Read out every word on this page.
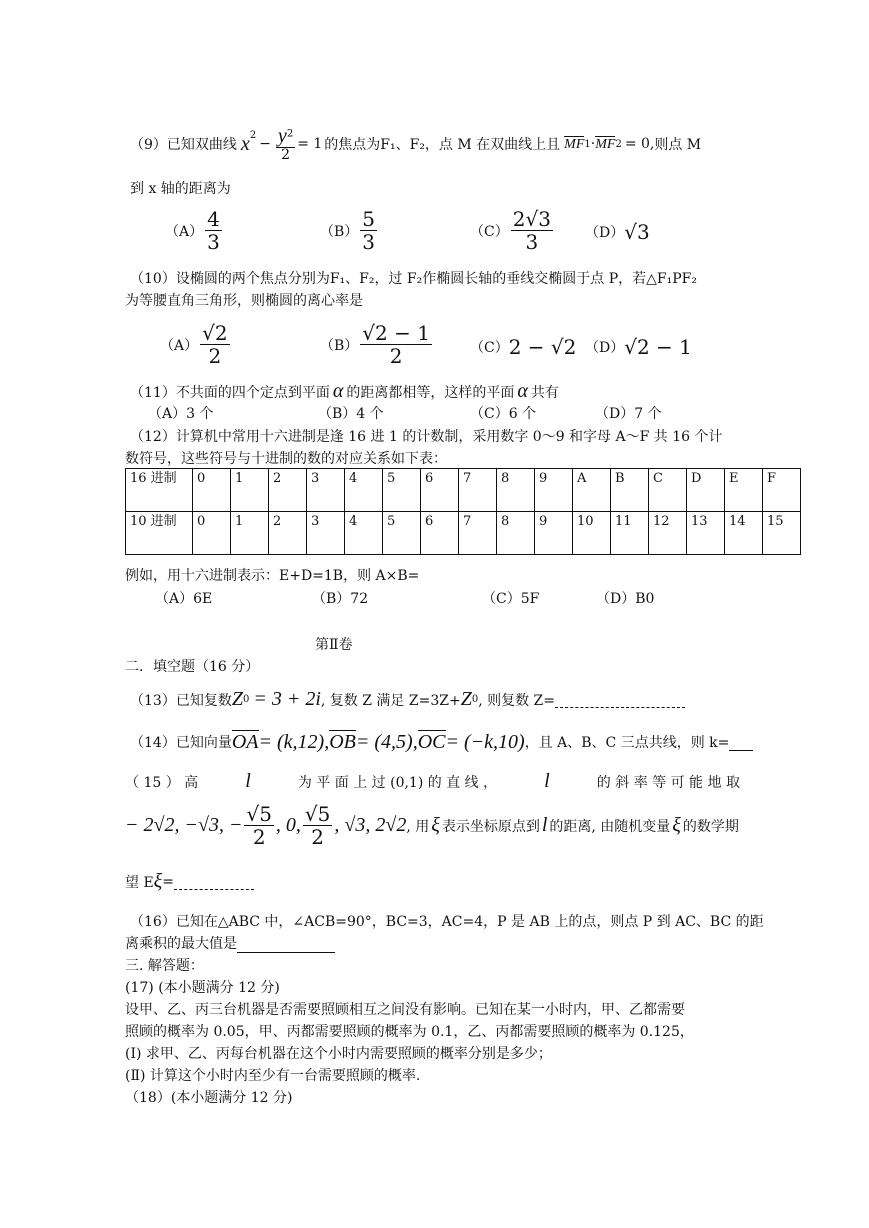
（9）已知双曲线 $x^2$
− $\frac{y^2}{2} = 1$ 的焦点为F₁、F₂，点 M 在双曲线上且 MF 1 · MF 2 = 0, 则点 M
到 x 轴的距离为
$(A) \frac{4}{3}$	$(B) \frac{5}{3}$	$(C) \frac{2√3}{3} (D)$ √3
（10）设椭圆的两个焦点分别为F₁、F₂，过 F₂作椭圆长轴的垂线交椭圆于点 P，若△F₁PF₂
为等腰直角三角形，则椭圆的离心率是
$(A) \frac{√2}{2}$	$(B) \frac{√2 - 1}{2}$	（C） 2 − √2 （D） √2 − 1
（11）不共面的四个定点到平面 α 的距离都相等，这样的平面 α 共有
（A）3 个	（B）4 个	（C）6 个	（D）7 个
（12）计算机中常用十六进制是逢 16 进 1 的计数制，采用数字 0～9 和字母 A～F 共 16 个计
数符号，这些符号与十进制的数的对应关系如下表：
16 进制	0	1	2	3	4	5	6	7	8	9	A	B	C	D	E	F
10 进制	0	1	2	3	4	5	6	7	8	9	10	11	12	13	14	15
例如，用十六进制表示：E+D=1B，则 A×B=
（A）6E	（B）72	（C）5F	（D）B0
第Ⅱ卷
二．填空题（16 分）
（13）已知复数 Z 0 = 3 + 2i , 复数 Z 满足 Z=3Z+ Z 0 , 则复数 Z=
（14）已知向量 OA = (k,12), OB = (4,5), OC = (−k,10) ，且 A、B、C 三点共线，则 k=
（ 15 ） 高 l	为 平 面 上 过 (0,1) 的 直 线 ， l	的 斜 率 等 可 能 地 取
− 2√2, −√3, − $\frac{√5}{2}$ , 0, $\frac{√5}{2}$ , √3, 2√2 , 用 ξ 表示坐标原点到 l 的距离, 由随机变量 ξ 的数学期
望 E ξ =
（16）已知在△ABC 中，∠ACB=90°，BC=3，AC=4，P 是 AB 上的点，则点 P 到 AC、BC 的距
离乘积的最大值是
三. 解答题：
(17) (本小题满分 12 分)
设甲、乙、丙三台机器是否需要照顾相互之间没有影响。已知在某一小时内，甲、乙都需要
照顾的概率为 0.05，甲、丙都需要照顾的概率为 0.1，乙、丙都需要照顾的概率为 0.125，
(Ⅰ) 求甲、乙、丙每台机器在这个小时内需要照顾的概率分别是多少；
(Ⅱ) 计算这个小时内至少有一台需要照顾的概率.
（18）(本小题满分 12 分)
